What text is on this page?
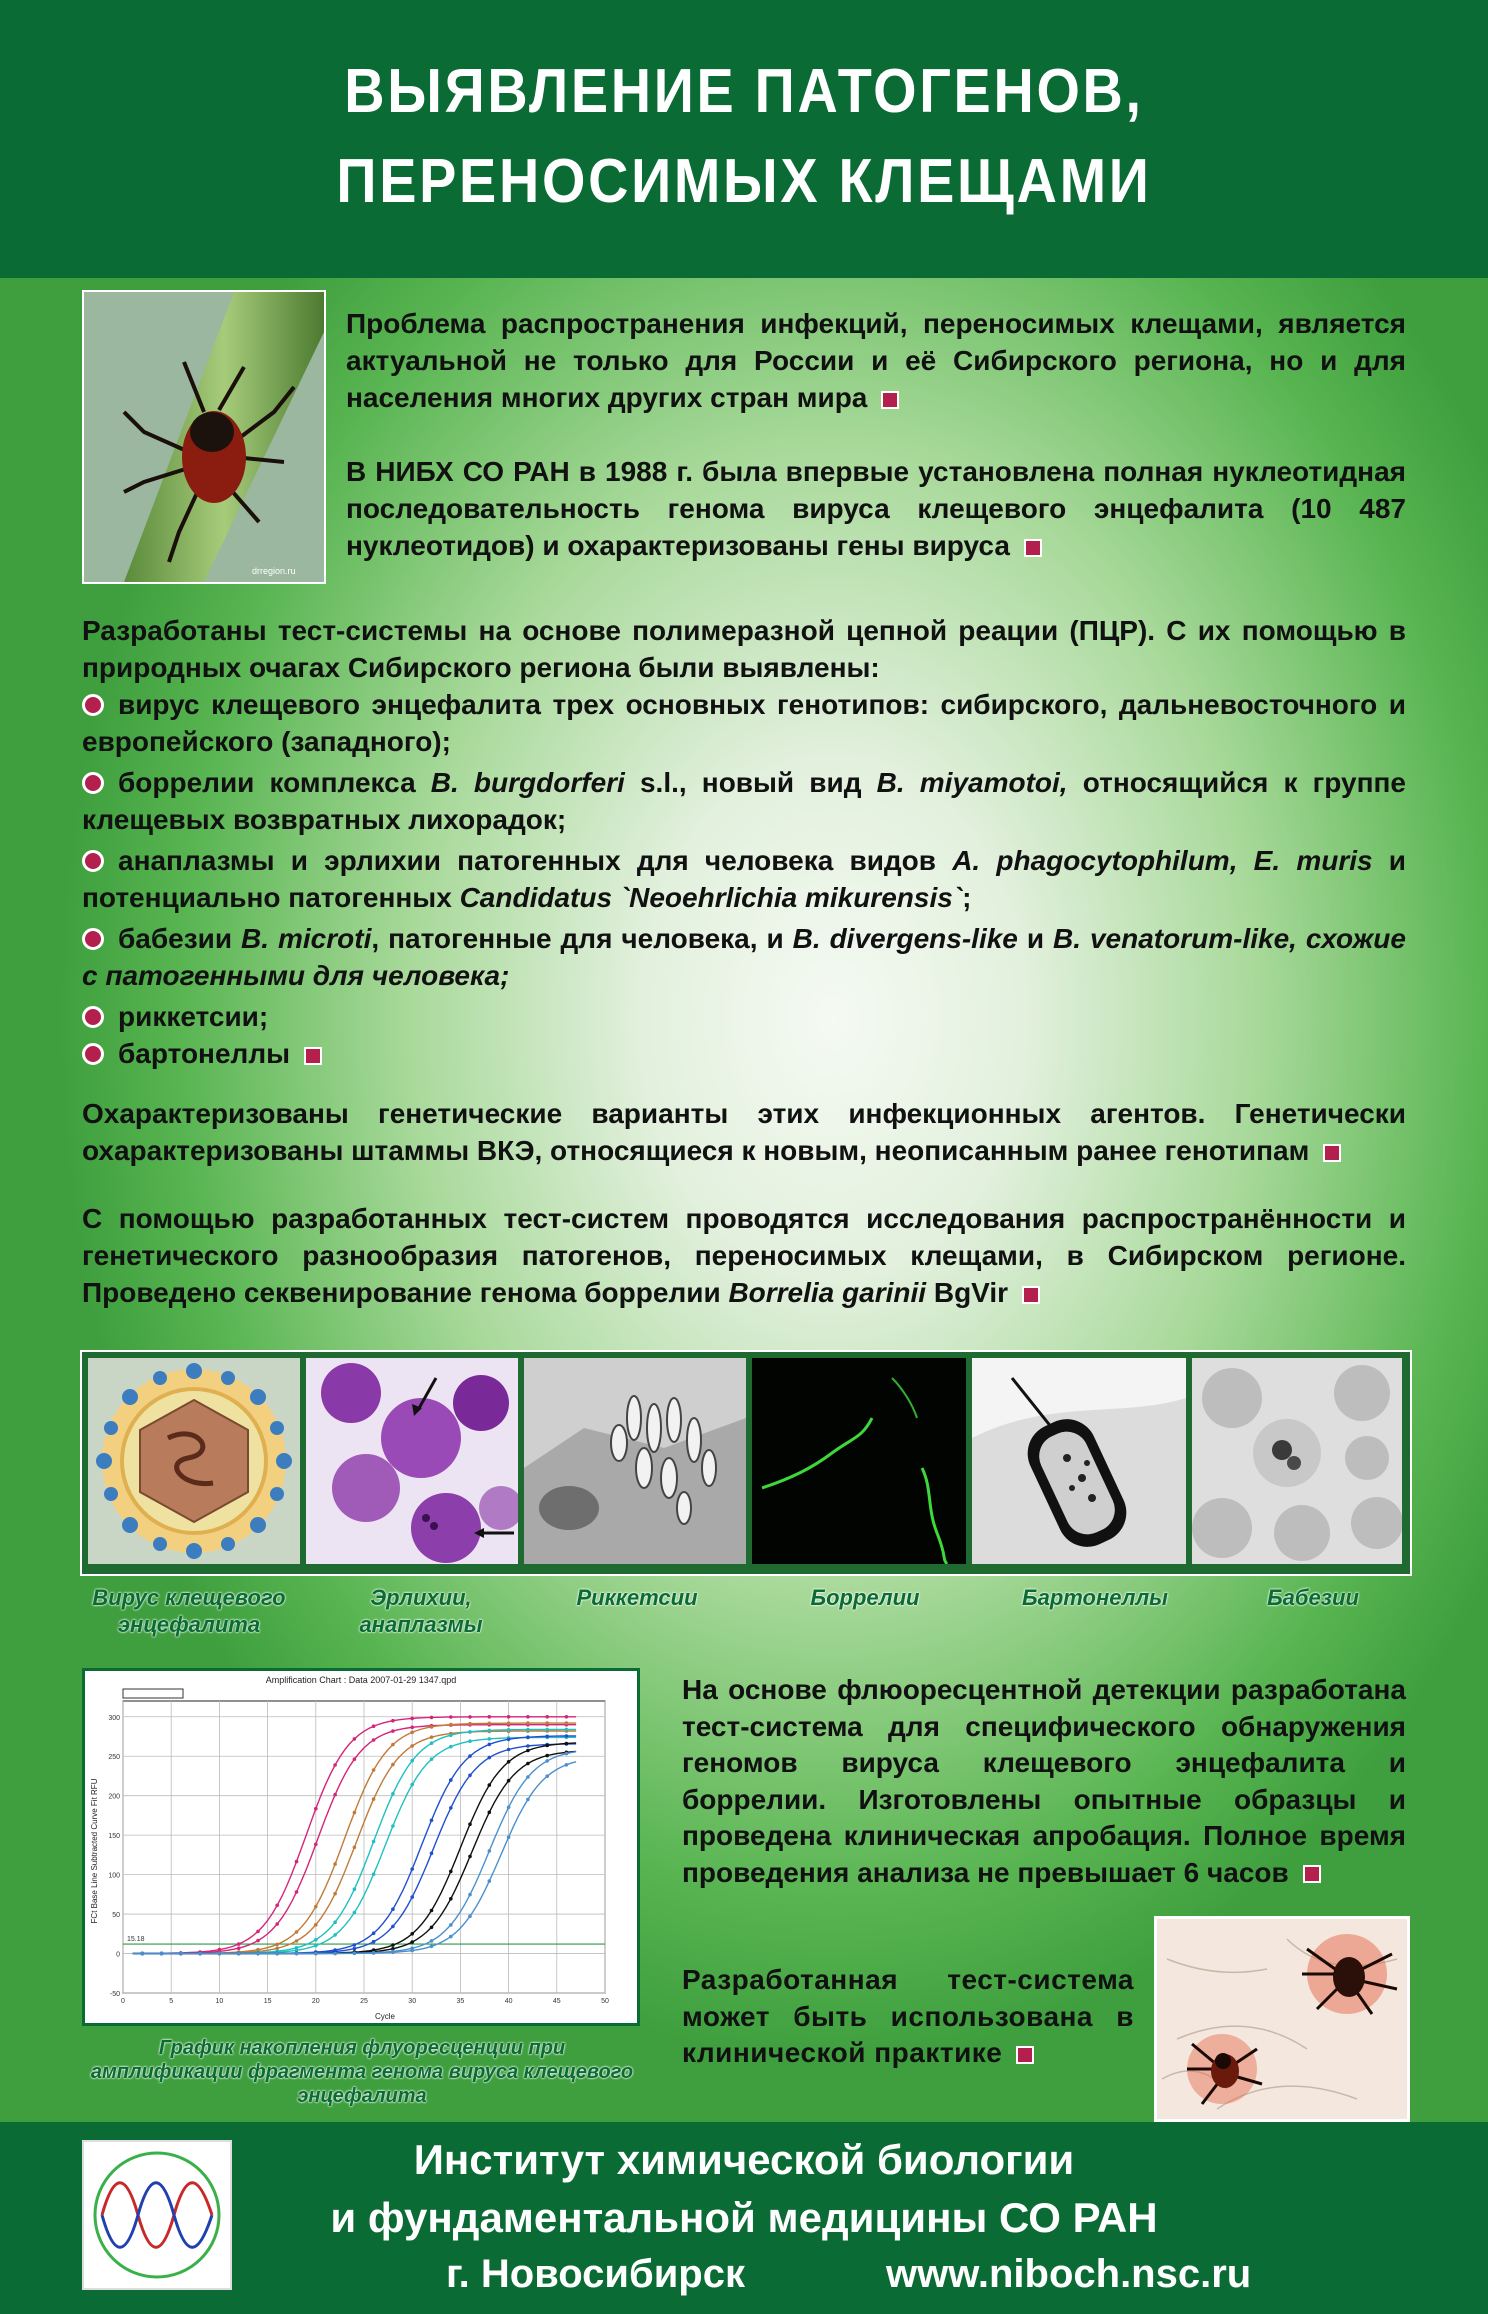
ВЫЯВЛЕНИЕ ПАТОГЕНОВ,
ПЕРЕНОСИМЫХ КЛЕЩАМИ
drregion.ru
Проблема распространения инфекций, переносимых клещами, является актуальной не только для России и её Сибирского региона, но и для населения многих других стран мира
В НИБХ СО РАН в 1988 г. была впервые установлена полная нуклеотидная последовательность генома вируса клещевого энцефалита (10 487 нуклеотидов) и охарактеризованы гены вируса
Разработаны тест-системы на основе полимеразной цепной реации (ПЦР). С их помощью в природных очагах Сибирского региона были выявлены:
вирус клещевого энцефалита трех основных генотипов: сибирского, дальневосточного и европейского (западного);
боррелии комплекса B. burgdorferi s.l., новый вид B. miyamotoi, относящийся к группе клещевых возвратных лихорадок;
анаплазмы и эрлихии патогенных для человека видов A. phagocytophilum, E. muris и потенциально патогенных Candidatus `Neoehrlichia mikurensis`;
бабезии B. microti, патогенные для человека, и B. divergens-like и B. venatorum-like, схожие с патогенными для человека;
риккетсии;
бартонеллы
Охарактеризованы генетические варианты этих инфекционных агентов. Генетически охарактеризованы штаммы ВКЭ, относящиеся к новым, неописанным ранее генотипам
С помощью разработанных тест-систем проводятся исследования распространённости и генетического разнообразия патогенов, переносимых клещами, в Сибирском регионе. Проведено секвенирование генома боррелии Borrelia garinii BgVir
Вирус клещевого энцефалита
Эрлихии, анаплазмы
Риккетсии	Боррелии	Бартонеллы	Бабезии
Amplification Chart : Data 2007-01-29 1347.qpd
Cycle
FCt Base Line Subtracted Curve Fit RFU
0	5	10	15	20	25	30	35	40	45	50
-50
0
50
100
150
200
250
300
15.18
График накопления флуоресценции при амплификации фрагмента генома вируса клещевого энцефалита
На основе флюоресцентной детекции разработана тест-система для специфического обнаружения геномов вируса клещевого энцефалита и боррелии. Изготовлены опытные образцы и проведена клиническая апробация. Полное время проведения анализа не превышает 6 часов
Разработанная тест-система может быть использована в клинической практике
Институт химической биологии
и фундаментальной медицины СО РАН
г. Новосибирск	www.niboch.nsc.ru
